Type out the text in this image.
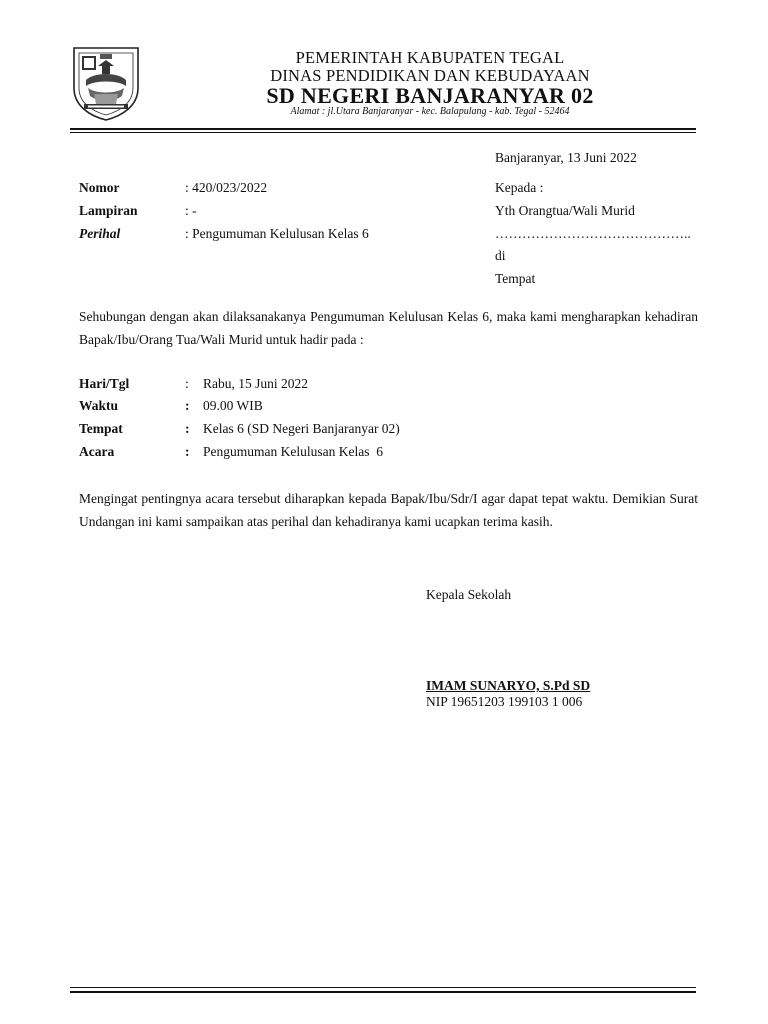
PEMERINTAH KABUPATEN TEGAL
DINAS PENDIDIKAN DAN KEBUDAYAAN
SD NEGERI BANJARANYAR 02
Alamat : jl.Utara Banjaranyar - kec. Balapulang - kab. Tegal - 52464
Banjaranyar, 13 Juni 2022
Nomor	: 420/023/2022
Lampiran	: -
Perihal	: Pengumuman Kelulusan Kelas 6
Kepada :
Yth Orangtua/Wali Murid
……………………………………..
di
Tempat
Sehubungan dengan akan dilaksanakanya Pengumuman Kelulusan Kelas 6, maka kami mengharapkan kehadiran Bapak/Ibu/Orang Tua/Wali Murid untuk hadir pada :
Hari/Tgl	: Rabu, 15 Juni 2022
Waktu	: 09.00 WIB
Tempat	: Kelas 6 (SD Negeri Banjaranyar 02)
Acara	: Pengumuman Kelulusan Kelas  6
Mengingat pentingnya acara tersebut diharapkan kepada Bapak/Ibu/Sdr/I agar dapat tepat waktu. Demikian Surat Undangan ini kami sampaikan atas perihal dan kehadiranya kami ucapkan terima kasih.
Kepala Sekolah
IMAM SUNARYO, S.Pd SD
NIP 19651203 199103 1 006
